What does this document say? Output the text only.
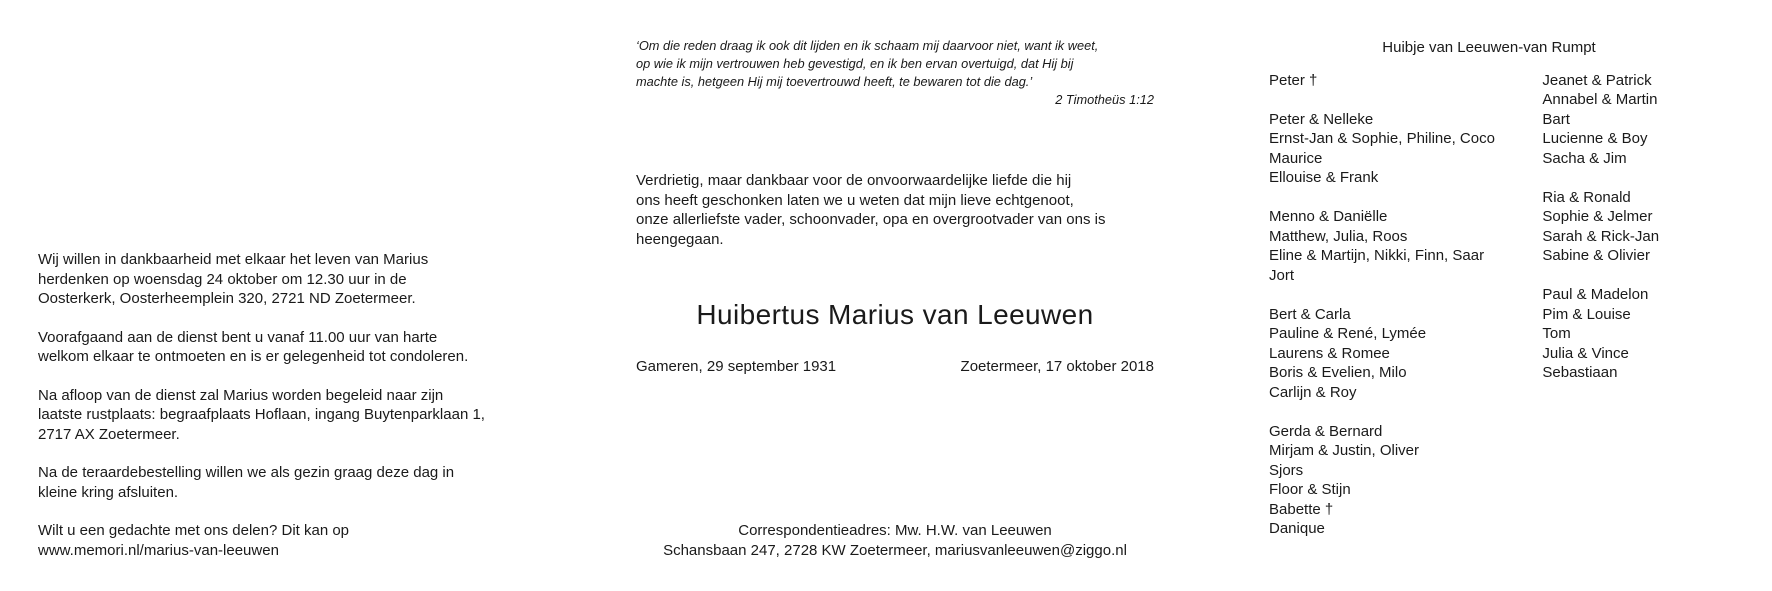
Wij willen in dankbaarheid met elkaar het leven van Marius
herdenken op woensdag 24 oktober om 12.30 uur in de
Oosterkerk, Oosterheemplein 320, 2721 ND Zoetermeer.

Voorafgaand aan de dienst bent u vanaf 11.00 uur van harte
welkom elkaar te ontmoeten en is er gelegenheid tot condoleren.

Na afloop van de dienst zal Marius worden begeleid naar zijn
laatste rustplaats: begraafplaats Hoflaan, ingang Buytenparklaan 1,
2717 AX Zoetermeer.

Na de teraardebestelling willen we als gezin graag deze dag in
kleine kring afsluiten.

Wilt u een gedachte met ons delen? Dit kan op
www.memori.nl/marius-van-leeuwen

‘Om die reden draag ik ook dit lijden en ik schaam mij daarvoor niet, want ik weet,
op wie ik mijn vertrouwen heb gevestigd, en ik ben ervan overtuigd, dat Hij bij
machte is, hetgeen Hij mij toevertrouwd heeft, te bewaren tot die dag.’
2 Timotheüs 1:12
Verdrietig, maar dankbaar voor de onvoorwaardelijke liefde die hij
ons heeft geschonken laten we u weten dat mijn lieve echtgenoot,
onze allerliefste vader, schoonvader, opa en overgrootvader van ons is
heengegaan.
Huibertus Marius van Leeuwen
Gameren, 29 september 1931	Zoetermeer, 17 oktober 2018
Correspondentieadres: Mw. H.W. van Leeuwen
Schansbaan 247, 2728 KW Zoetermeer, mariusvanleeuwen@ziggo.nl
Huibje van Leeuwen-van Rumpt
Peter †
Peter & Nelleke
Ernst-Jan & Sophie, Philine, Coco
Maurice
Ellouise & Frank
Menno & Daniëlle
Matthew, Julia, Roos
Eline & Martijn, Nikki, Finn, Saar
Jort
Bert & Carla
Pauline & René, Lymée
Laurens & Romee
Boris & Evelien, Milo
Carlijn & Roy
Gerda & Bernard
Mirjam & Justin, Oliver
Sjors
Floor & Stijn
Babette †
Danique
Jeanet & Patrick
Annabel & Martin
Bart
Lucienne & Boy
Sacha & Jim
Ria & Ronald
Sophie & Jelmer
Sarah & Rick-Jan
Sabine & Olivier
Paul & Madelon
Pim & Louise
Tom
Julia & Vince
Sebastiaan
